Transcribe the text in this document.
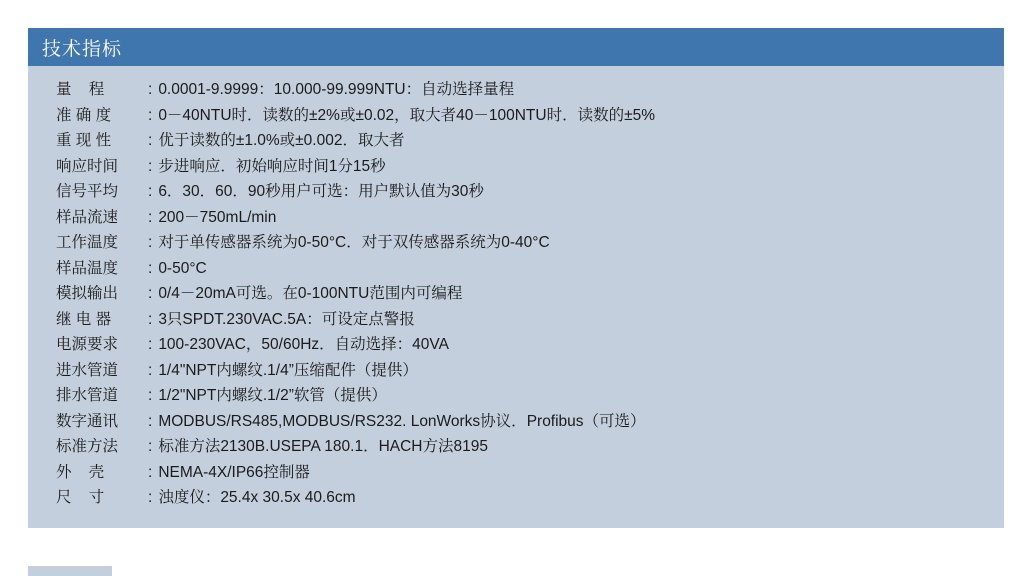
技术指标
量    程	: 0.0001-9.9999：10.000-99.999NTU：自动选择量程
准 确 度	: 0－40NTU时．读数的±2%或±0.02，取大者40－100NTU时．读数的±5%
重 现 性	: 优于读数的±1.0%或±0.002．取大者
响应时间	: 步进响应．初始响应时间1分15秒
信号平均	: 6．30．60．90秒用户可选：用户默认值为30秒
样品流速	: 200－750mL/min
工作温度	: 对于单传感器系统为0-50°C．对于双传感器系统为0-40°C
样品温度	: 0-50°C
模拟输出	: 0/4－20mA可选。在0-100NTU范围内可编程
继 电 器	: 3只SPDT.230VAC.5A：可设定点警报
电源要求	: 100-230VAC，50/60Hz．自动选择：40VA
进水管道	: 1/4"NPT内螺纹.1/4”压缩配件（提供）
排水管道	: 1/2"NPT内螺纹.1/2”软管（提供）
数字通讯	: MODBUS/RS485,MODBUS/RS232. LonWorks协议．Profibus（可选）
标准方法	: 标准方法2130B.USEPA 180.1．HACH方法8195
外    壳	: NEMA-4X/IP66控制器
尺    寸	: 浊度仪：25.4x 30.5x 40.6cm
